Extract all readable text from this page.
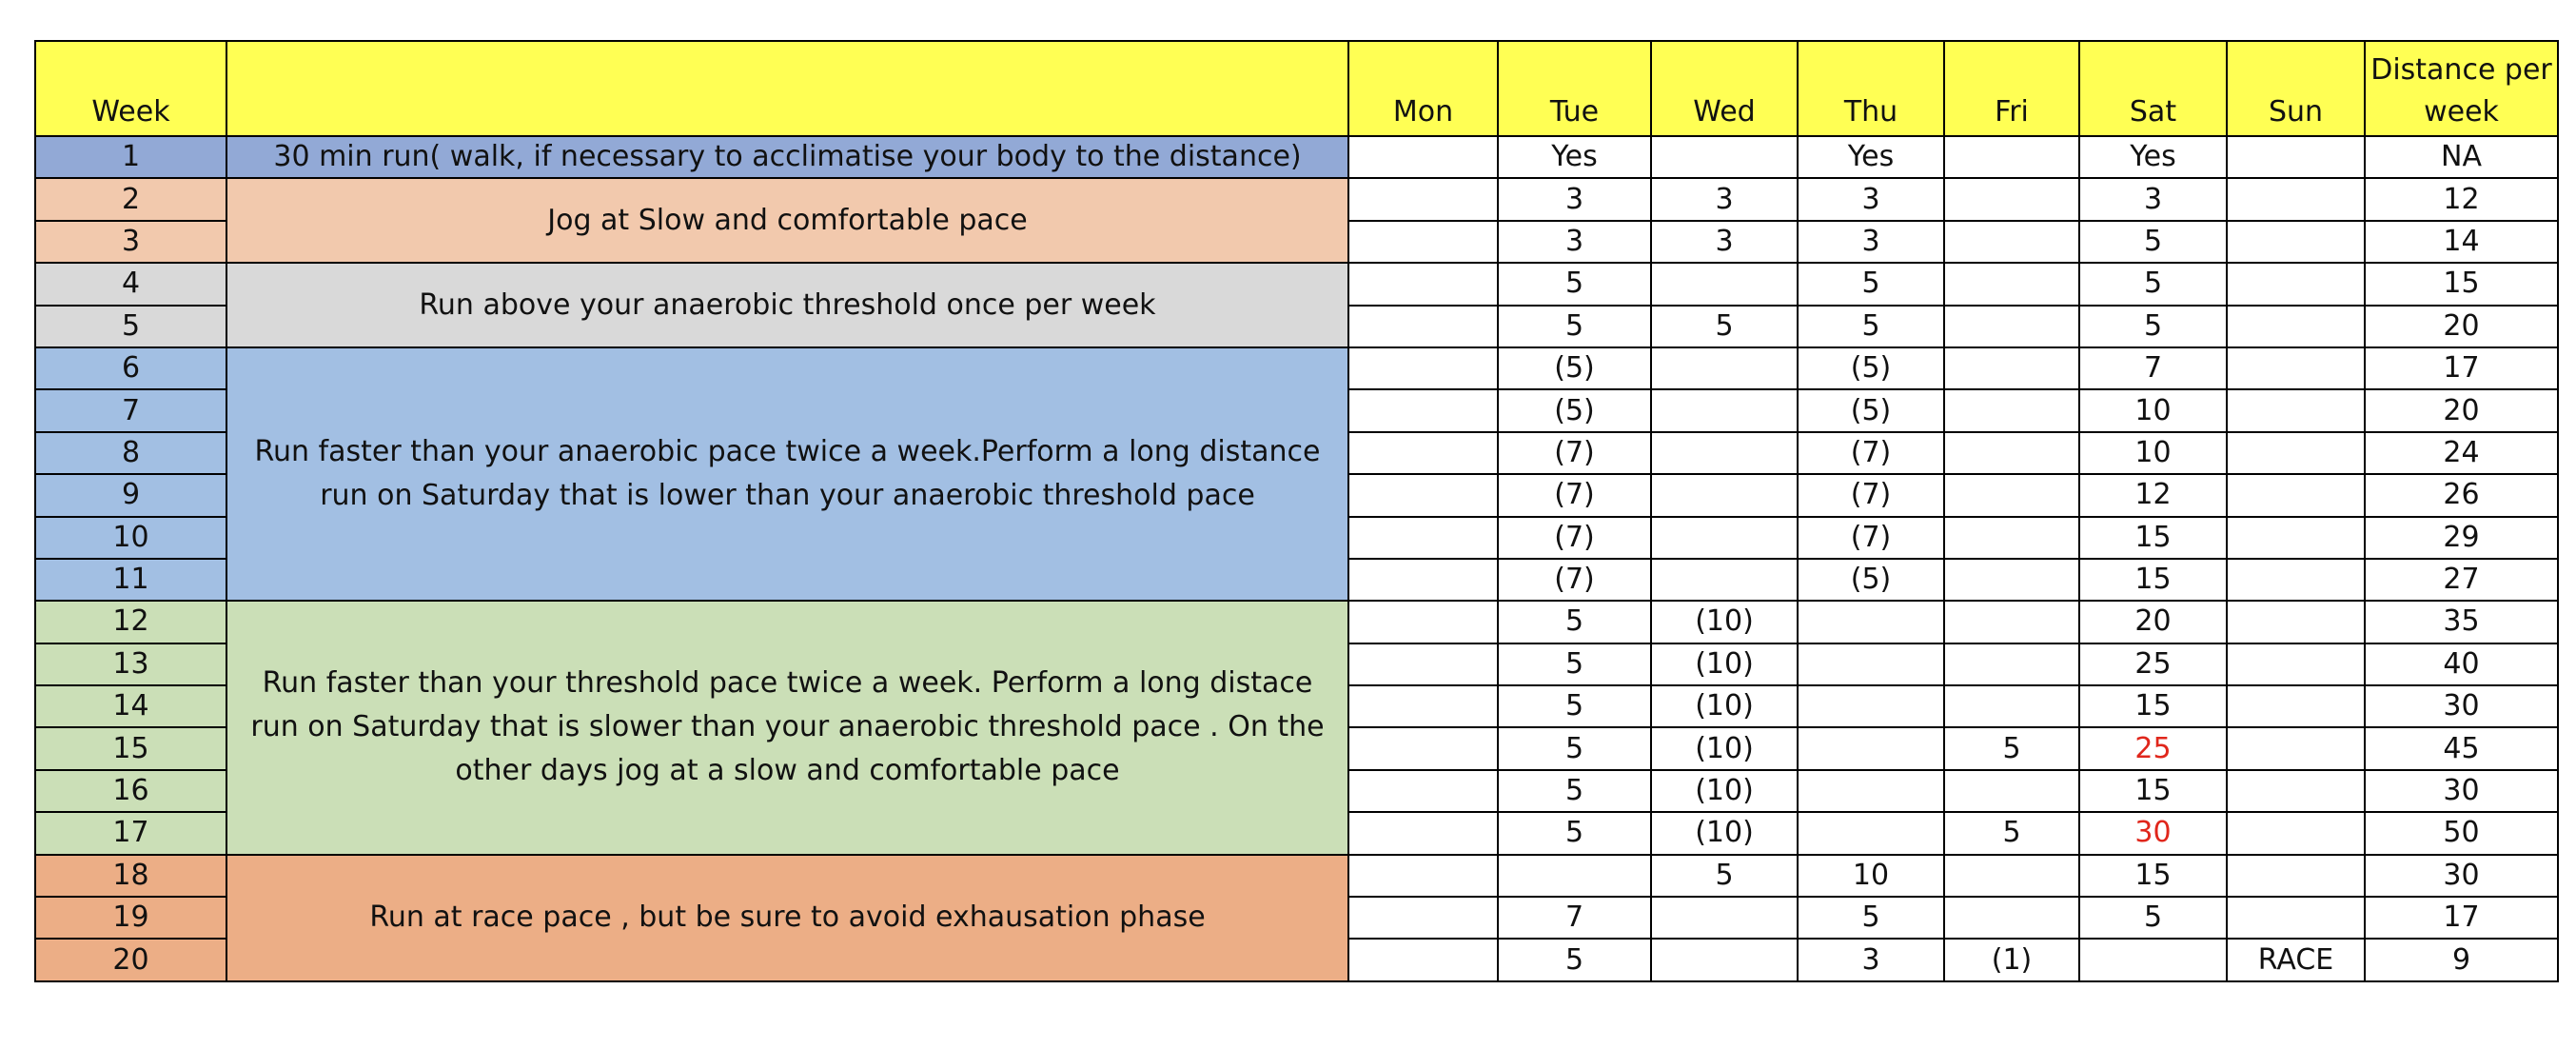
Week		Mon	Tue	Wed	Thu	Fri	Sat	Sun	Distance per week
1	30 min run( walk, if necessary to acclimatise your body to the distance)		Yes		Yes		Yes		NA
2	Jog at Slow and comfortable pace		3	3	3		3		12
3			3	3	3		5		14
4	Run above your anaerobic threshold once per week		5		5		5		15
5			5	5	5		5		20
6	Run faster than your anaerobic pace twice a week.Perform a long distance run on Saturday that is lower than your anaerobic threshold pace		(5)		(5)		7		17
7			(5)		(5)		10		20
8			(7)		(7)		10		24
9			(7)		(7)		12		26
10			(7)		(7)		15		29
11			(7)		(5)		15		27
12	Run faster than your threshold pace twice a week. Perform a long distace run on Saturday that is slower than your anaerobic threshold pace . On the other days jog at a slow and comfortable pace		5	(10)			20		35
13			5	(10)			25		40
14			5	(10)			15		30
15			5	(10)		5	25		45
16			5	(10)			15		30
17			5	(10)		5	30		50
18	Run at race pace , but be sure to avoid exhausation phase			5	10		15		30
19			7		5		5		17
20			5		3	(1)		RACE	9
